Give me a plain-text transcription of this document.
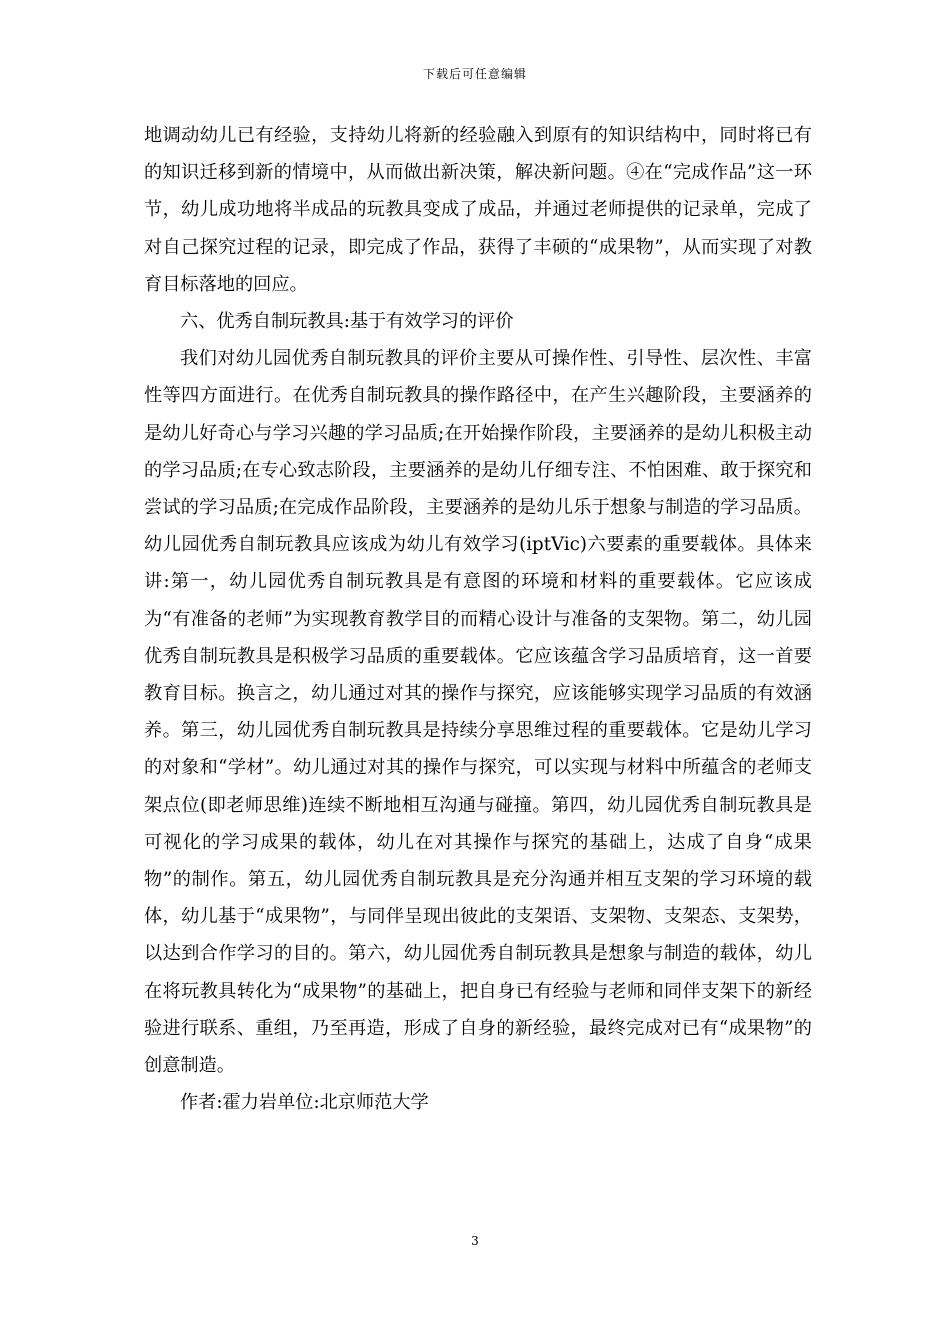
下载后可任意编辑

地调动幼儿已有经验，支持幼儿将新的经验融入到原有的知识结构中，同时将已有的知识迁移到新的情境中，从而做出新决策，解决新问题。④在“完成作品”这一环节，幼儿成功地将半成品的玩教具变成了成品，并通过老师提供的记录单，完成了对自己探究过程的记录，即完成了作品，获得了丰硕的“成果物”，从而实现了对教育目标落地的回应。

六、优秀自制玩教具:基于有效学习的评价

我们对幼儿园优秀自制玩教具的评价主要从可操作性、引导性、层次性、丰富性等四方面进行。在优秀自制玩教具的操作路径中，在产生兴趣阶段，主要涵养的是幼儿好奇心与学习兴趣的学习品质;在开始操作阶段，主要涵养的是幼儿积极主动的学习品质;在专心致志阶段，主要涵养的是幼儿仔细专注、不怕困难、敢于探究和尝试的学习品质;在完成作品阶段，主要涵养的是幼儿乐于想象与制造的学习品质。幼儿园优秀自制玩教具应该成为幼儿有效学习(iptVic)六要素的重要载体。具体来讲:第一，幼儿园优秀自制玩教具是有意图的环境和材料的重要载体。它应该成为“有准备的老师”为实现教育教学目的而精心设计与准备的支架物。第二，幼儿园优秀自制玩教具是积极学习品质的重要载体。它应该蕴含学习品质培育，这一首要教育目标。换言之，幼儿通过对其的操作与探究，应该能够实现学习品质的有效涵养。第三，幼儿园优秀自制玩教具是持续分享思维过程的重要载体。它是幼儿学习的对象和“学材”。幼儿通过对其的操作与探究，可以实现与材料中所蕴含的老师支架点位(即老师思维)连续不断地相互沟通与碰撞。第四，幼儿园优秀自制玩教具是可视化的学习成果的载体，幼儿在对其操作与探究的基础上，达成了自身“成果物”的制作。第五，幼儿园优秀自制玩教具是充分沟通并相互支架的学习环境的载体，幼儿基于“成果物”，与同伴呈现出彼此的支架语、支架物、支架态、支架势，以达到合作学习的目的。第六，幼儿园优秀自制玩教具是想象与制造的载体，幼儿在将玩教具转化为“成果物”的基础上，把自身已有经验与老师和同伴支架下的新经验进行联系、重组，乃至再造，形成了自身的新经验，最终完成对已有“成果物”的创意制造。

作者:霍力岩单位:北京师范大学

3
